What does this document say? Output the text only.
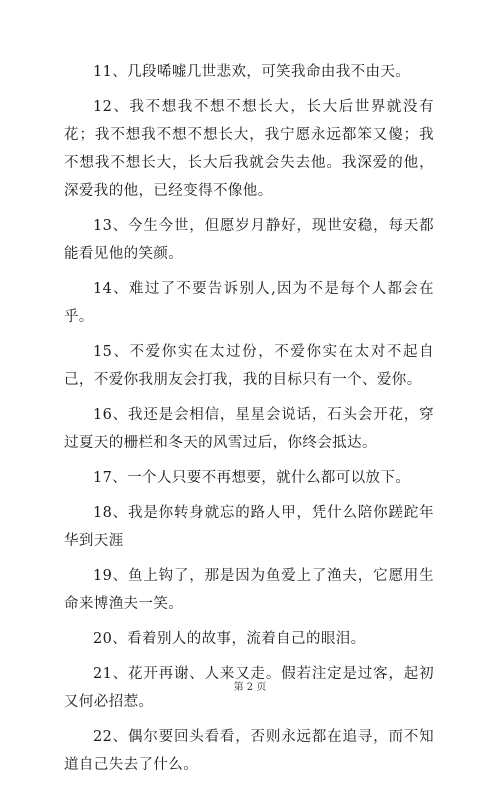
11、几段唏嘘几世悲欢，可笑我命由我不由天。

12、我不想我不想不想长大，长大后世界就没有花；我不想我不想不想长大，我宁愿永远都笨又傻；我不想我不想长大，长大后我就会失去他。我深爱的他，深爱我的他，已经变得不像他。

13、今生今世，但愿岁月静好，现世安稳，每天都能看见他的笑颜。

14、难过了不要告诉别人,因为不是每个人都会在乎。

15、不爱你实在太过份，不爱你实在太对不起自己，不爱你我朋友会打我，我的目标只有一个、爱你。

16、我还是会相信，星星会说话，石头会开花，穿过夏天的栅栏和冬天的风雪过后，你终会抵达。

17、一个人只要不再想要，就什么都可以放下。

18、我是你转身就忘的路人甲，凭什么陪你蹉跎年华到天涯

19、鱼上钩了，那是因为鱼爱上了渔夫，它愿用生命来博渔夫一笑。

20、看着别人的故事，流着自己的眼泪。

21、花开再谢、人来又走。假若注定是过客，起初又何必招惹。

22、偶尔要回头看看，否则永远都在追寻，而不知道自己失去了什么。

第 2 页
